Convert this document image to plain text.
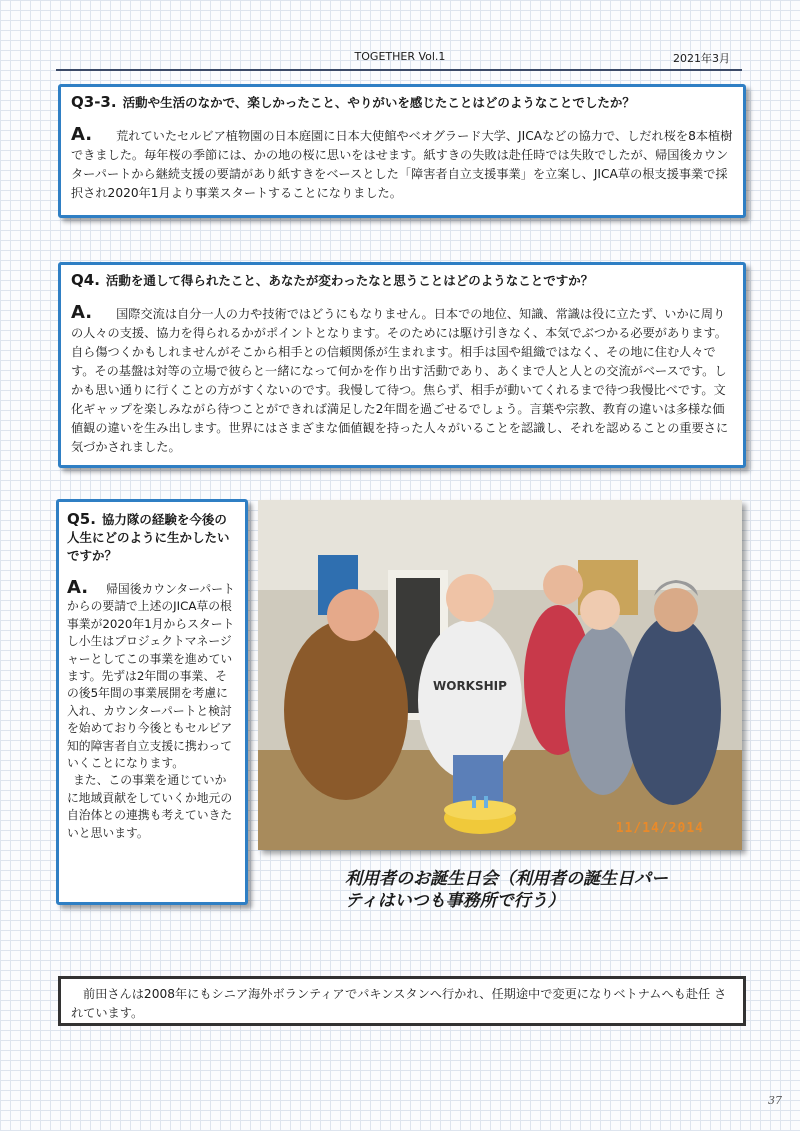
TOGETHER Vol.1	2021年3月
Q3-3. 活動や生活のなかで、楽しかったこと、やりがいを感じたことはどのようなことでしたか？
A. 荒れていたセルビア植物園の日本庭園に日本大使館やベオグラード大学、JICAなどの協力で、しだれ桜を8本植樹できました。毎年桜の季節には、かの地の桜に思いをはせます。紙すきの失敗は赴任時では失敗でしたが、帰国後カウンターパートから継続支援の要請があり紙すきをベースとした「障害者自立支援事業」を立案し、JICA草の根支援事業で採択され2020年1月より事業スタートすることになりました。
Q4. 活動を通して得られたこと、あなたが変わったなと思うことはどのようなことですか？
A. 国際交流は自分一人の力や技術ではどうにもなりません。日本での地位、知識、常識は役に立たず、いかに周りの人々の支援、協力を得られるかがポイントとなります。そのためには駆け引きなく、本気でぶつかる必要があります。自ら傷つくかもしれませんがそこから相手との信頼関係が生まれます。相手は国や組織ではなく、その地に住む人々です。その基盤は対等の立場で彼らと一緒になって何かを作り出す活動であり、あくまで人と人との交流がベースです。しかも思い通りに行くことの方がすくないのです。我慢して待つ。焦らず、相手が動いてくれるまで待つ我慢比べです。文化ギャップを楽しみながら待つことができれば満足した2年間を過ごせるでしょう。言葉や宗教、教育の違いは多様な価値観の違いを生み出します。世界にはさまざまな価値観を持った人々がいることを認識し、それを認めることの重要さに気づかされました。
Q5. 協力隊の経験を今後の人生にどのように生かしたいですか？
A. 帰国後カウンターパートからの要請で上述のJICA草の根事業が2020年1月からスタートし小生はプロジェクトマネージャーとしてこの事業を進めています。先ずは2年間の事業、その後5年間の事業展開を考慮に入れ、カウンターパートと検討を始めており今後ともセルビア知的障害者自立支援に携わっていくことになります。
また、この事業を通じていかに地域貢献をしていくか地元の自治体との連携も考えていきたいと思います。
WORKSHIP
11/14/2014
利用者のお誕生日会（利用者の誕生日パーティはいつも事務所で行う）
前田さんは2008年にもシニア海外ボランティアでパキンスタンへ行かれ、任期途中で変更になりベトナムへも赴任 されています。
37
